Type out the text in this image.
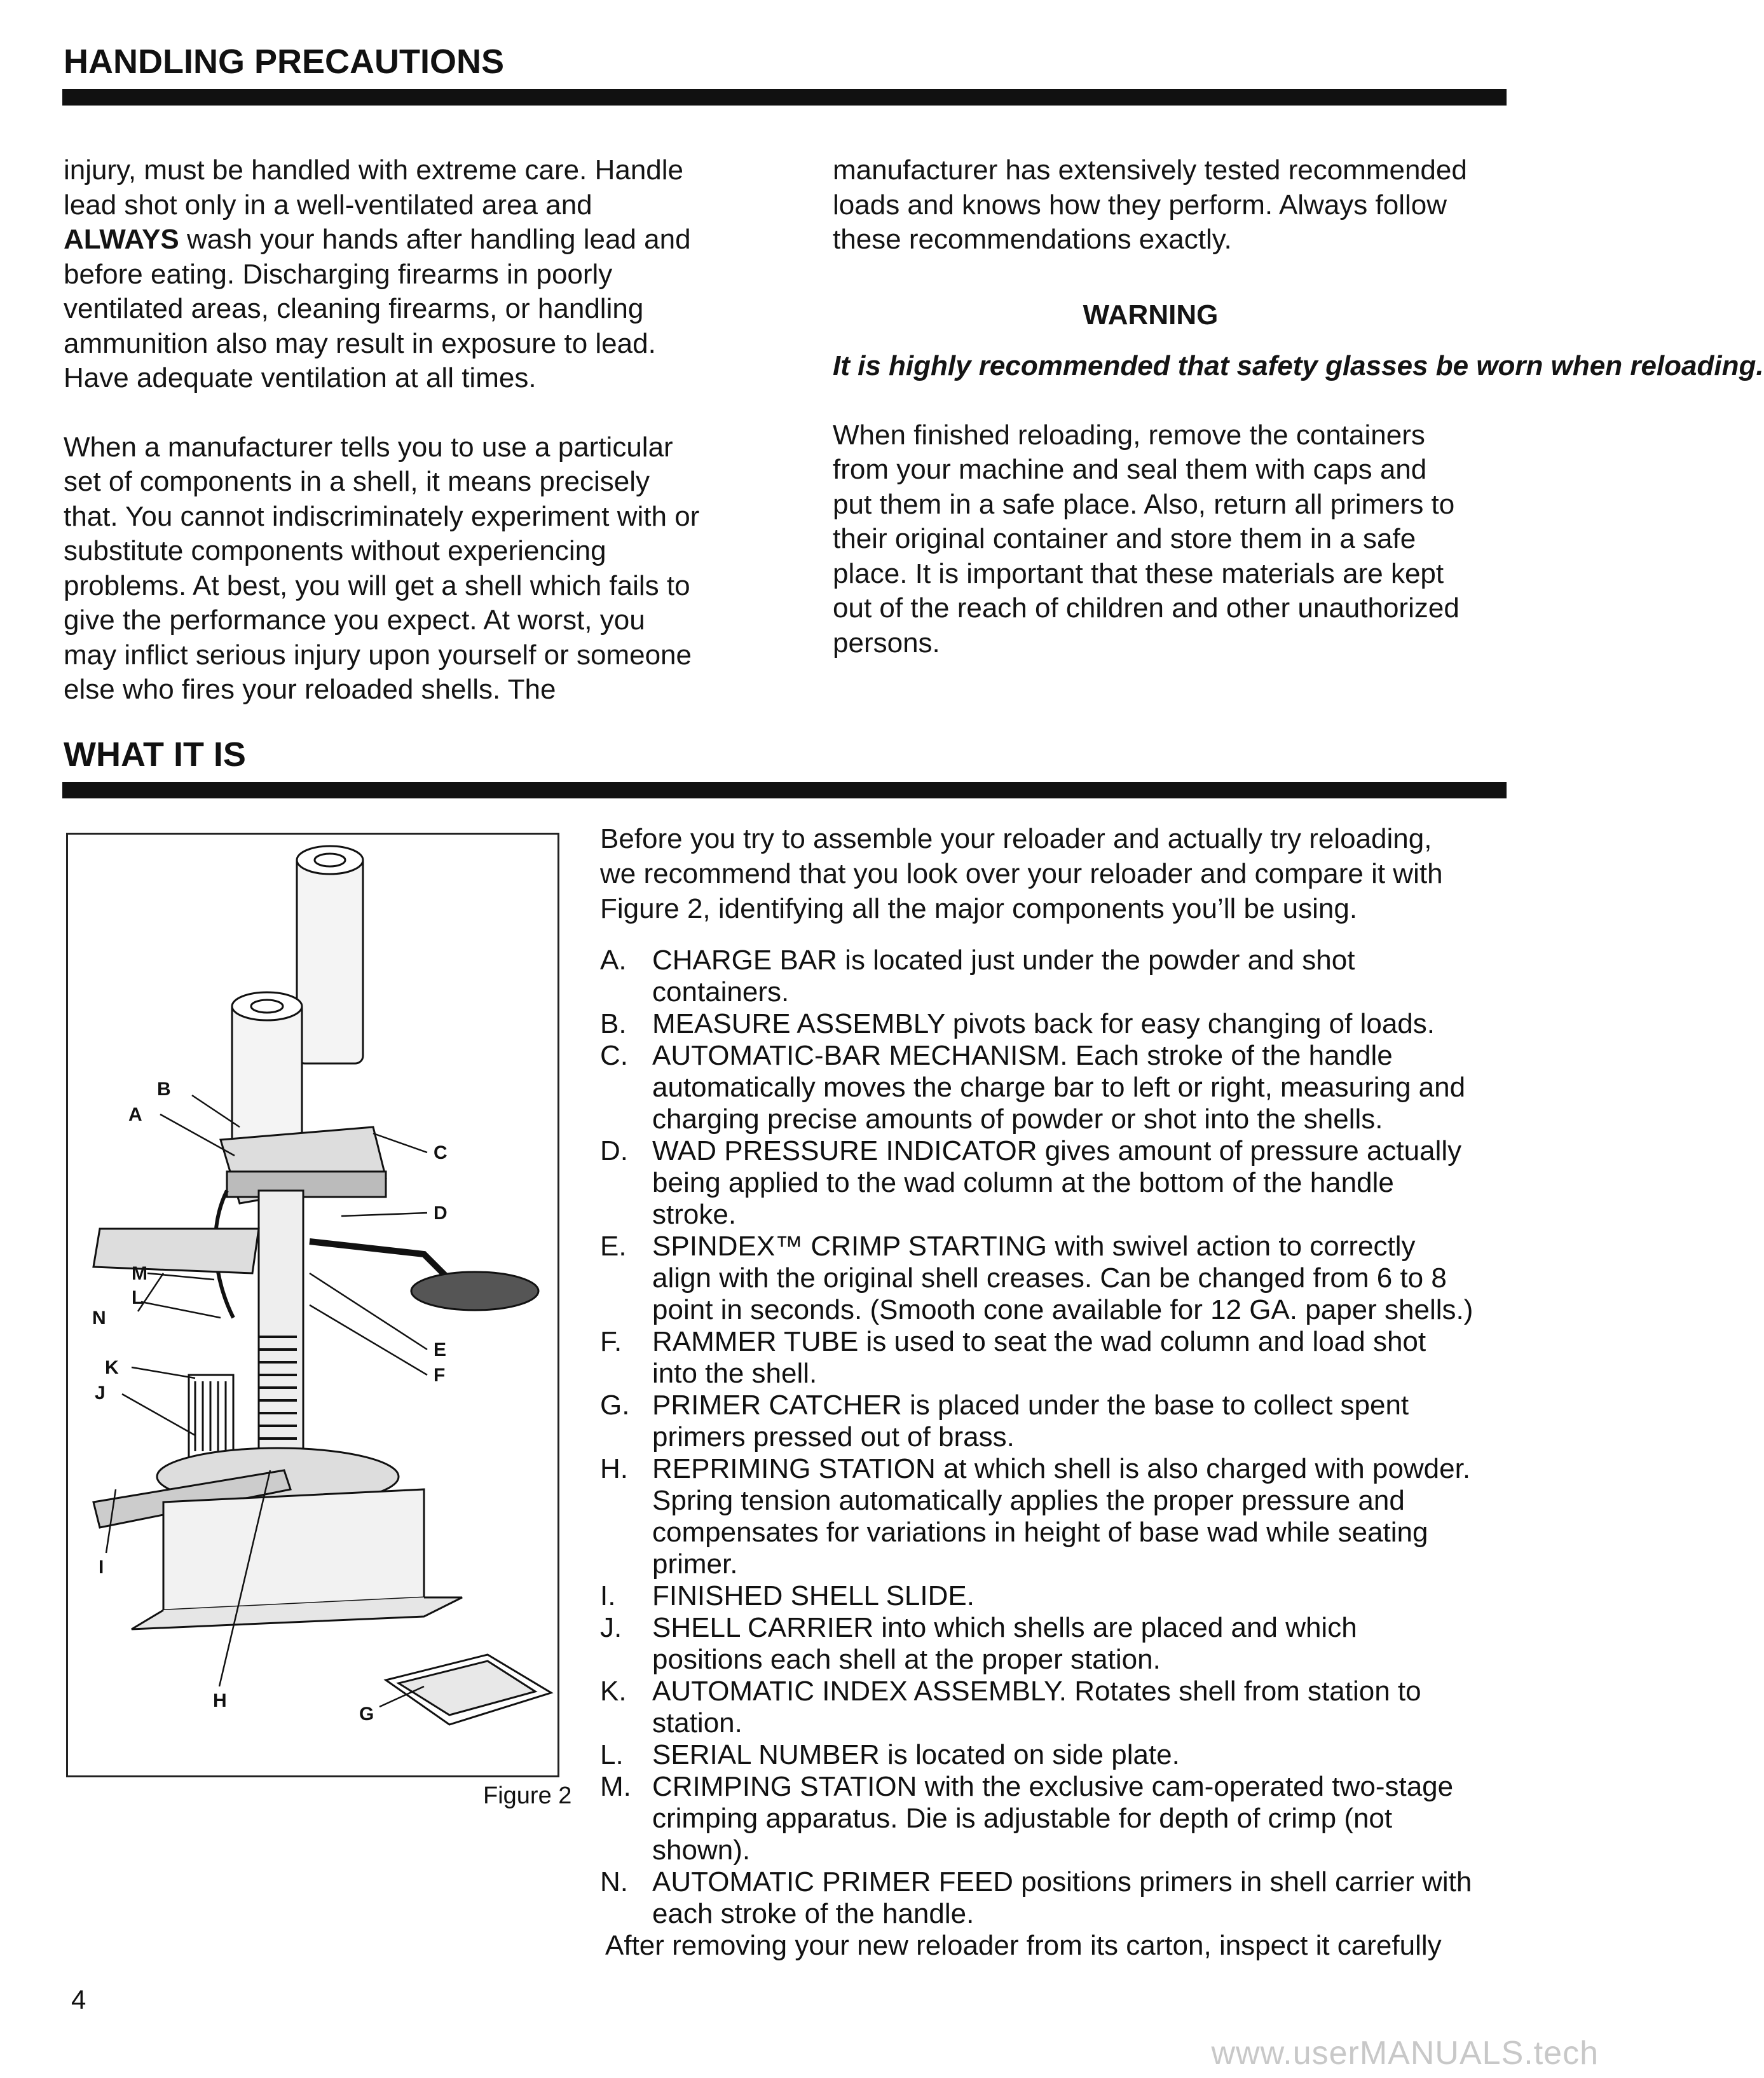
HANDLING PRECAUTIONS

injury, must be handled with extreme care. Handle

lead shot only in a well-ventilated area and

ALWAYS wash your hands after handling lead and

before eating. Discharging firearms in poorly

ventilated areas, cleaning firearms, or handling

ammunition also may result in exposure to lead.

Have adequate ventilation at all times.

When a manufacturer tells you to use a particular

set of components in a shell, it means precisely

that. You cannot indiscriminately experiment with or

substitute components without experiencing

problems. At best, you will get a shell which fails to

give the performance you expect. At worst, you

may inflict serious injury upon yourself or someone

else who fires your reloaded shells. The

manufacturer has extensively tested recommended

loads and knows how they perform. Always follow

these recommendations exactly.

WARNING

It is highly recommended that safety glasses be worn when reloading.

When finished reloading, remove the containers

from your machine and seal them with caps and

put them in a safe place. Also, return all primers to

their original container and store them in a safe

place. It is important that these materials are kept

out of the reach of children and other unauthorized

persons.

WHAT IT IS
A
B
C
D
E
F
G
H
I
J
K
L
M
N
Figure 2

Before you try to assemble your reloader and actually try reloading,

we recommend that you look over your reloader and compare it with

Figure 2, identifying all the major components you’ll be using.

A. CHARGE BAR is located just under the powder and shot
containers.
B. MEASURE ASSEMBLY pivots back for easy changing of loads.
C. AUTOMATIC-BAR MECHANISM. Each stroke of the handle
automatically moves the charge bar to left or right, measuring and
charging precise amounts of powder or shot into the shells.
D. WAD PRESSURE INDICATOR gives amount of pressure actually
being applied to the wad column at the bottom of the handle
stroke.
E. SPINDEX™ CRIMP STARTING with swivel action to correctly
align with the original shell creases. Can be changed from 6 to 8
point in seconds. (Smooth cone available for 12 GA. paper shells.)
F. RAMMER TUBE is used to seat the wad column and load shot
into the shell.
G. PRIMER CATCHER is placed under the base to collect spent
primers pressed out of brass.
H. REPRIMING STATION at which shell is also charged with powder.
Spring tension automatically applies the proper pressure and
compensates for variations in height of base wad while seating
primer.
I. FINISHED SHELL SLIDE.
J. SHELL CARRIER into which shells are placed and which
positions each shell at the proper station.
K. AUTOMATIC INDEX ASSEMBLY. Rotates shell from station to
station.
L. SERIAL NUMBER is located on side plate.
M. CRIMPING STATION with the exclusive cam-operated two-stage
crimping apparatus. Die is adjustable for depth of crimp (not
shown).
N. AUTOMATIC PRIMER FEED positions primers in shell carrier with
each stroke of the handle.

After removing your new reloader from its carton, inspect it carefully

4
www.userMANUALS.tech
